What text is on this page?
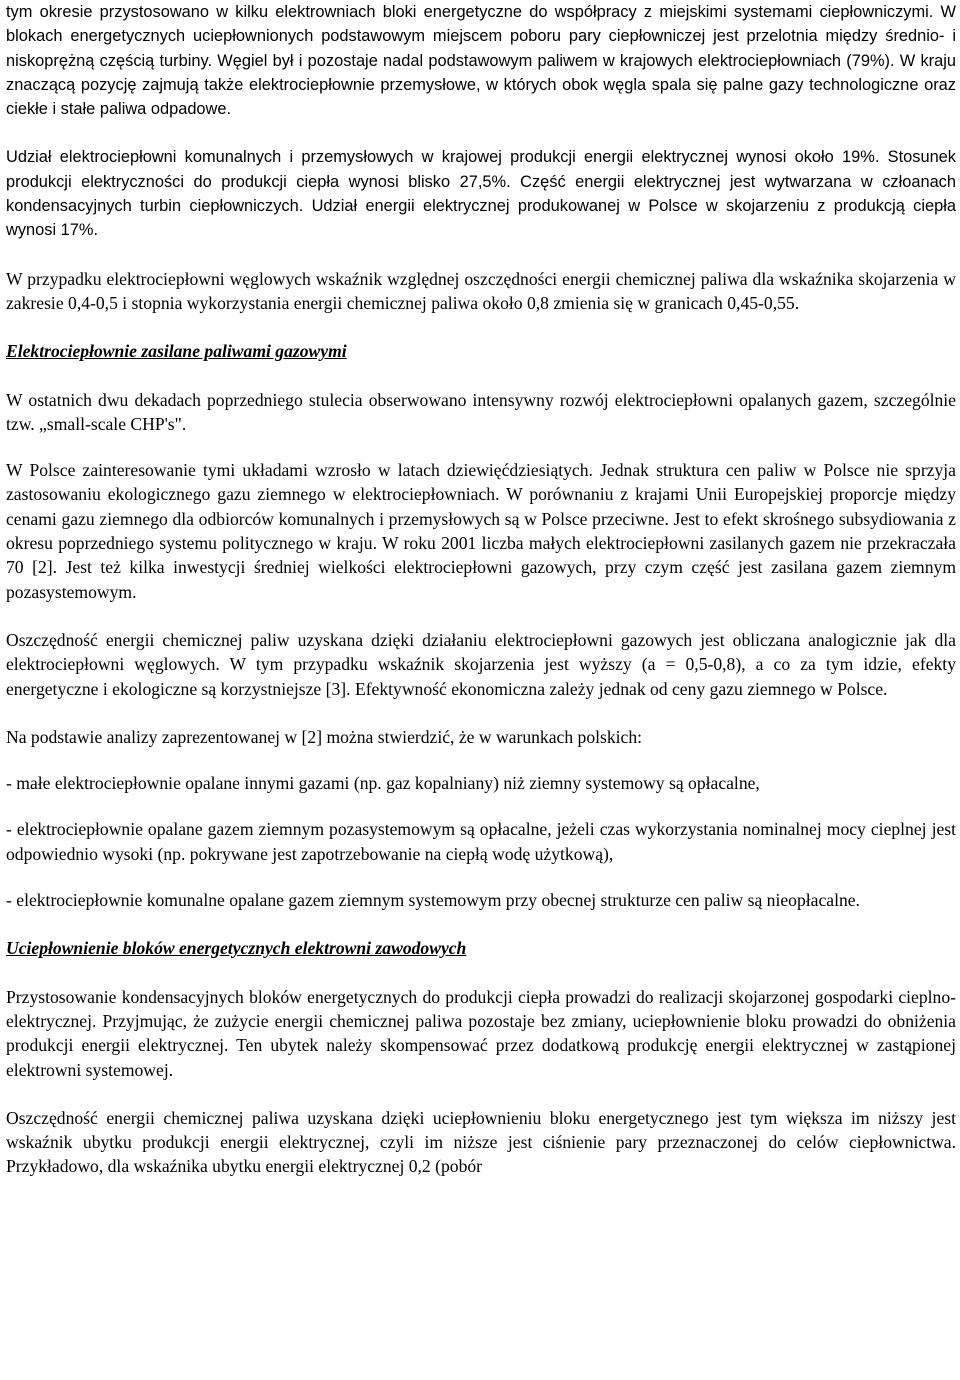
tym okresie przystosowano w kilku elektrowniach bloki energetyczne do współpracy z miejskimi systemami ciepłowniczymi. W blokach energetycznych uciepłownionych podstawowym miejscem poboru pary ciepłowniczej jest przelotnia między średnio- i niskoprężną częścią turbiny. Węgiel był i pozostaje nadal podstawowym paliwem w krajowych elektrociepłowniach (79%). W kraju znaczącą pozycję zajmują także elektrociepłownie przemysłowe, w których obok węgla spala się palne gazy technologiczne oraz ciekłe i stałe paliwa odpadowe.

Udział elektrociepłowni komunalnych i przemysłowych w krajowej produkcji energii elektrycznej wynosi około 19%. Stosunek produkcji elektryczności do produkcji ciepła wynosi blisko 27,5%. Część energii elektrycznej jest wytwarzana w człoanach kondensacyjnych turbin ciepłowniczych. Udział energii elektrycznej produkowanej w Polsce w skojarzeniu z produkcją ciepła wynosi 17%.

W przypadku elektrociepłowni węglowych wskaźnik względnej oszczędności energii chemicznej paliwa dla wskaźnika skojarzenia w zakresie 0,4-0,5 i stopnia wykorzystania energii chemicznej paliwa około 0,8 zmienia się w granicach 0,45-0,55.

Elektrociepłownie zasilane paliwami gazowymi

W ostatnich dwu dekadach poprzedniego stulecia obserwowano intensywny rozwój elektrociepłowni opalanych gazem, szczególnie tzw. „small-scale CHP's".

W Polsce zainteresowanie tymi układami wzrosło w latach dziewięćdziesiątych. Jednak struktura cen paliw w Polsce nie sprzyja zastosowaniu ekologicznego gazu ziemnego w elektrociepłowniach. W porównaniu z krajami Unii Europejskiej proporcje między cenami gazu ziemnego dla odbiorców komunalnych i przemysłowych są w Polsce przeciwne. Jest to efekt skrośnego subsydiowania z okresu poprzedniego systemu politycznego w kraju. W roku 2001 liczba małych elektrociepłowni zasilanych gazem nie przekraczała 70 [2]. Jest też kilka inwestycji średniej wielkości elektrociepłowni gazowych, przy czym część jest zasilana gazem ziemnym pozasystemowym.

Oszczędność energii chemicznej paliw uzyskana dzięki działaniu elektrociepłowni gazowych jest obliczana analogicznie jak dla elektrociepłowni węglowych. W tym przypadku wskaźnik skojarzenia jest wyższy (a = 0,5-0,8), a co za tym idzie, efekty energetyczne i ekologiczne są korzystniejsze [3]. Efektywność ekonomiczna zależy jednak od ceny gazu ziemnego w Polsce.

Na podstawie analizy zaprezentowanej w [2] można stwierdzić, że w warunkach polskich:

- małe elektrociepłownie opalane innymi gazami (np. gaz kopalniany) niż ziemny systemowy są opłacalne,

- elektrociepłownie opalane gazem ziemnym pozasystemowym są opłacalne, jeżeli czas wykorzystania nominalnej mocy cieplnej jest odpowiednio wysoki (np. pokrywane jest zapotrzebowanie na ciepłą wodę użytkową),

- elektrociepłownie komunalne opalane gazem ziemnym systemowym przy obecnej strukturze cen paliw są nieopłacalne.

Uciepłownienie bloków energetycznych elektrowni zawodowych

Przystosowanie kondensacyjnych bloków energetycznych do produkcji ciepła prowadzi do realizacji skojarzonej gospodarki cieplno-elektrycznej. Przyjmując, że zużycie energii chemicznej paliwa pozostaje bez zmiany, uciepłownienie bloku prowadzi do obniżenia produkcji energii elektrycznej. Ten ubytek należy skompensować przez dodatkową produkcję energii elektrycznej w zastąpionej elektrowni systemowej.

Oszczędność energii chemicznej paliwa uzyskana dzięki uciepłownieniu bloku energetycznego jest tym większa im niższy jest wskaźnik ubytku produkcji energii elektrycznej, czyli im niższe jest ciśnienie pary przeznaczonej do celów ciepłownictwa. Przykładowo, dla wskaźnika ubytku energii elektrycznej 0,2 (pobór
